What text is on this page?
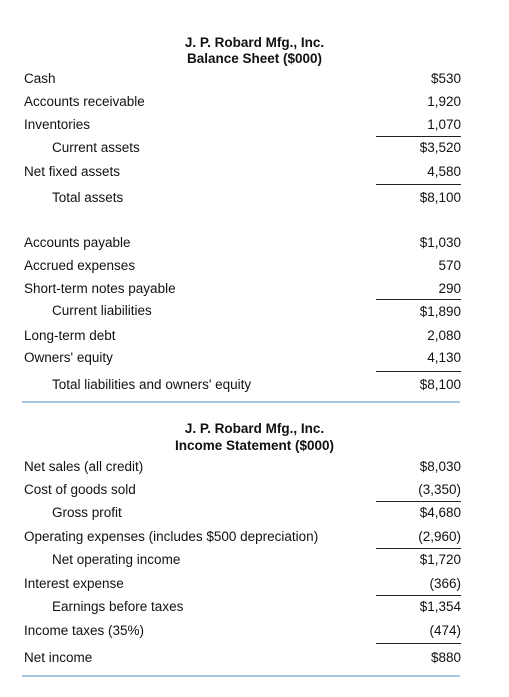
J. P. Robard Mfg., Inc.
Balance Sheet ($000)
Cash	$530
Accounts receivable	1,920
Inventories	1,070
Current assets	$3,520
Net fixed assets	4,580
Total assets	$8,100
Accounts payable	$1,030
Accrued expenses	570
Short-term notes payable	290
Current liabilities	$1,890
Long-term debt	2,080
Owners' equity	4,130
Total liabilities and owners' equity	$8,100
J. P. Robard Mfg., Inc.
Income Statement ($000)
Net sales (all credit)	$8,030
Cost of goods sold	(3,350)
Gross profit	$4,680
Operating expenses (includes $500 depreciation)	(2,960)
Net operating income	$1,720
Interest expense	(366)
Earnings before taxes	$1,354
Income taxes (35%)	(474)
Net income	$880
